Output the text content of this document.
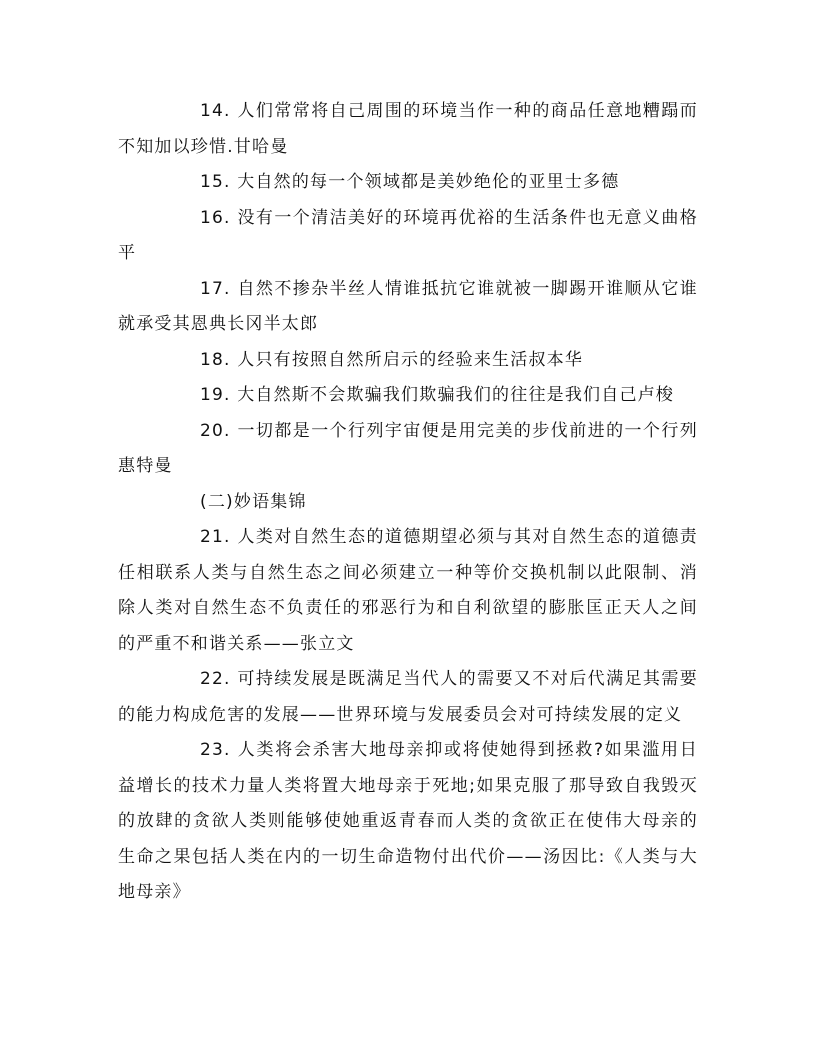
14. 人们常常将自己周围的环境当作一种的商品任意地糟蹋而不知加以珍惜.甘哈曼

15. 大自然的每一个领域都是美妙绝伦的亚里士多德

16. 没有一个清洁美好的环境再优裕的生活条件也无意义曲格平

17. 自然不掺杂半丝人情谁抵抗它谁就被一脚踢开谁顺从它谁就承受其恩典长冈半太郎

18. 人只有按照自然所启示的经验来生活叔本华

19. 大自然斯不会欺骗我们欺骗我们的往往是我们自己卢梭

20. 一切都是一个行列宇宙便是用完美的步伐前进的一个行列惠特曼

(二)妙语集锦

21. 人类对自然生态的道德期望必须与其对自然生态的道德责任相联系人类与自然生态之间必须建立一种等价交换机制以此限制、消除人类对自然生态不负责任的邪恶行为和自利欲望的膨胀匡正天人之间的严重不和谐关系——张立文

22. 可持续发展是既满足当代人的需要又不对后代满足其需要的能力构成危害的发展——世界环境与发展委员会对可持续发展的定义

23. 人类将会杀害大地母亲抑或将使她得到拯救?如果滥用日益增长的技术力量人类将置大地母亲于死地;如果克服了那导致自我毁灭的放肆的贪欲人类则能够使她重返青春而人类的贪欲正在使伟大母亲的生命之果包括人类在内的一切生命造物付出代价——汤因比:《人类与大地母亲》
